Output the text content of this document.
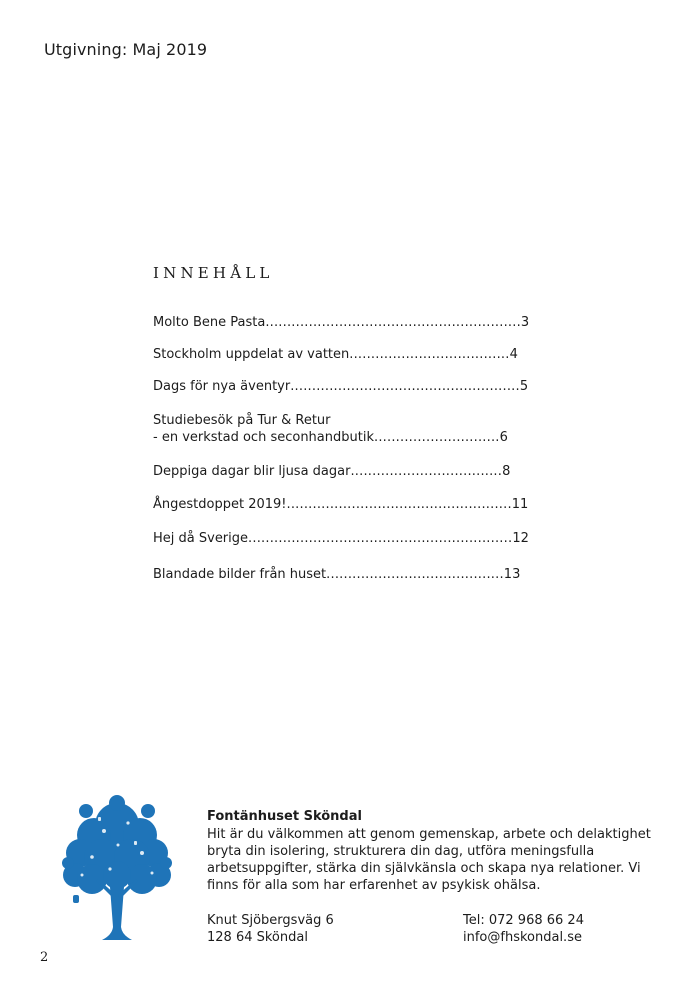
Utgivning: Maj 2019
INNEHÅLL
Molto Bene Pasta...........................................................3
Stockholm uppdelat av vatten.....................................4
Dags för nya äventyr.....................................................5
Studiebesök på Tur & Retur
- en verkstad och seconhandbutik.............................6
Deppiga dagar blir ljusa dagar...................................8
Ångestdoppet 2019!....................................................11
Hej då Sverige.............................................................12
Blandade bilder från huset.........................................13
Fontänhuset Sköndal
Hit är du välkommen att genom gemenskap, arbete och delaktighet bryta din isolering, strukturera din dag, utföra meningsfulla arbetsuppgifter, stärka din självkänsla och skapa nya relationer. Vi finns för alla som har erfarenhet av psykisk ohälsa.
Knut Sjöbergsväg 6
128 64 Sköndal
Tel: 072 968 66 24
info@fhskondal.se
2
